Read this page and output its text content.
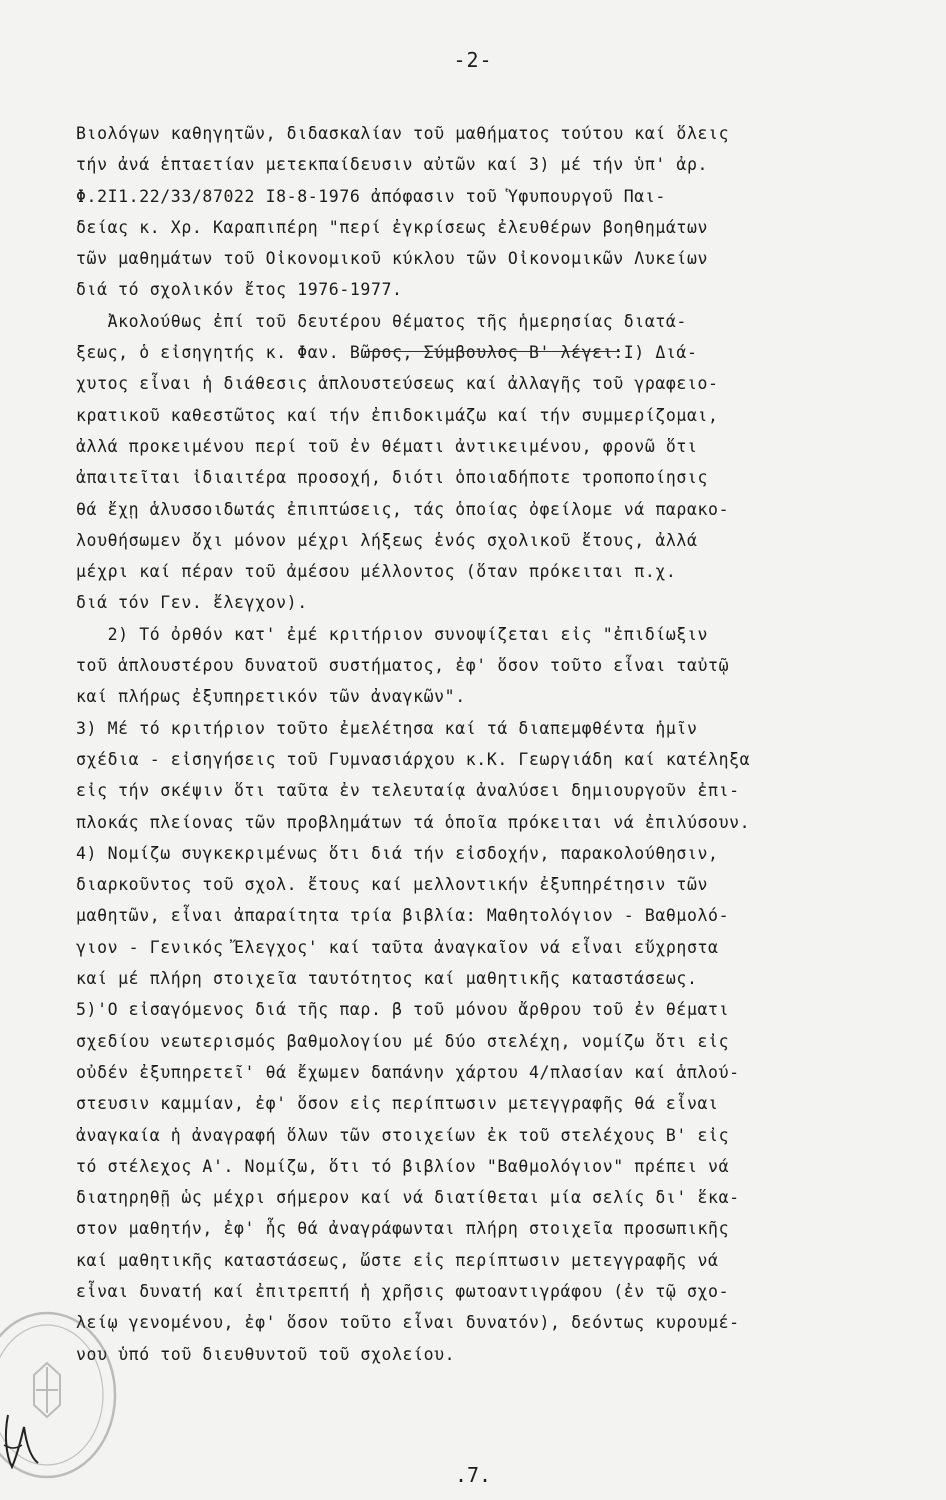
-2-
Βιολόγων καθηγητῶν, διδασκαλίαν τοῦ μαθήματος τούτου καί ὅλεις
τήν ἀνά ἑπταετίαν μετεκπαίδευσιν αὐτῶν καί 3) μέ τήν ὑπ' ἀρ.
Φ.2Ι1.22/33/87022 Ι8-8-1976 ἀπόφασιν τοῦ Ὑφυπουργοῦ Παι-
δείας κ. Χρ. Καραπιπέρη "περί ἐγκρίσεως ἐλευθέρων βοηθημάτων
τῶν μαθημάτων τοῦ Οἰκονομικοῦ κύκλου τῶν Οἰκονομικῶν Λυκείων
διά τό σχολικόν ἔτος 1976-1977.
Ἀκολούθως ἐπί τοῦ δευτέρου θέματος τῆς ἡμερησίας διατά-
ξεως, ὁ εἰσηγητής κ. Φαν. Βῶρος, Σύμβουλος Β' λέγει:Ι) Διά-
χυτος εἶναι ἡ διάθεσις ἁπλουστεύσεως καί ἀλλαγῆς τοῦ γραφειο-
κρατικοῦ καθεστῶτος καί τήν ἐπιδοκιμάζω καί τήν συμμερίζομαι,
ἀλλά προκειμένου περί τοῦ ἐν θέματι ἀντικειμένου, φρονῶ ὅτι
ἀπαιτεῖται ἰδιαιτέρα προσοχή, διότι ὁποιαδήποτε τροποποίησις
θά ἔχῃ ἁλυσσοιδωτάς ἐπιπτώσεις, τάς ὁποίας ὀφείλομε νά παρακο-
λουθήσωμεν ὄχι μόνον μέχρι λήξεως ἑνός σχολικοῦ ἔτους, ἀλλά
μέχρι καί πέραν τοῦ ἀμέσου μέλλοντος (ὅταν πρόκειται π.χ.
διά τόν Γεν. ἔλεγχον).
2) Τό ὀρθόν κατ' ἐμέ κριτήριον συνοψίζεται εἰς "ἐπιδίωξιν
τοῦ ἁπλουστέρου δυνατοῦ συστήματος, ἐφ' ὅσον τοῦτο εἶναι ταὐτῷ
καί πλήρως ἐξυπηρετικόν τῶν ἀναγκῶν".
3) Μέ τό κριτήριον τοῦτο ἐμελέτησα καί τά διαπεμφθέντα ἡμῖν
σχέδια - εἰσηγήσεις τοῦ Γυμνασιάρχου κ.Κ. Γεωργιάδη καί κατέληξα
εἰς τήν σκέψιν ὅτι ταῦτα ἐν τελευταίᾳ ἀναλύσει δημιουργοῦν ἐπι-
πλοκάς πλείονας τῶν προβλημάτων τά ὁποῖα πρόκειται νά ἐπιλύσουν.
4) Νομίζω συγκεκριμένως ὅτι διά τήν εἰσδοχήν, παρακολούθησιν,
διαρκοῦντος τοῦ σχολ. ἔτους καί μελλοντικήν ἐξυπηρέτησιν τῶν
μαθητῶν, εἶναι ἀπαραίτητα τρία βιβλία: Μαθητολόγιον - Βαθμολό-
γιον - Γενικός Ἔλεγχος' καί ταῦτα ἀναγκαῖον νά εἶναι εὔχρηστα
καί μέ πλήρη στοιχεῖα ταυτότητος καί μαθητικῆς καταστάσεως.
5)'Ο εἰσαγόμενος διά τῆς παρ. β τοῦ μόνου ἄρθρου τοῦ ἐν θέματι
σχεδίου νεωτερισμός βαθμολογίου μέ δύο στελέχη, νομίζω ὅτι εἰς
οὐδέν ἐξυπηρετεῖ' θά ἔχωμεν δαπάνην χάρτου 4/πλασίαν καί ἁπλού-
στευσιν καμμίαν, ἐφ' ὅσον εἰς περίπτωσιν μετεγγραφῆς θά εἶναι
ἀναγκαία ἡ ἀναγραφή ὅλων τῶν στοιχείων ἐκ τοῦ στελέχους Β' εἰς
τό στέλεχος Α'. Νομίζω, ὅτι τό βιβλίον "Βαθμολόγιον" πρέπει νά
διατηρηθῇ ὡς μέχρι σήμερον καί νά διατίθεται μία σελίς δι' ἕκα-
στον μαθητήν, ἐφ' ἧς θά ἀναγράφωνται πλήρη στοιχεῖα προσωπικῆς
καί μαθητικῆς καταστάσεως, ὥστε εἰς περίπτωσιν μετεγγραφῆς νά
εἶναι δυνατή καί ἐπιτρεπτή ἡ χρῆσις φωτοαντιγράφου (ἐν τῷ σχο-
λείῳ γενομένου, ἐφ' ὅσον τοῦτο εἶναι δυνατόν), δεόντως κυρουμέ-
νου ὑπό τοῦ διευθυντοῦ τοῦ σχολείου.
.7.
